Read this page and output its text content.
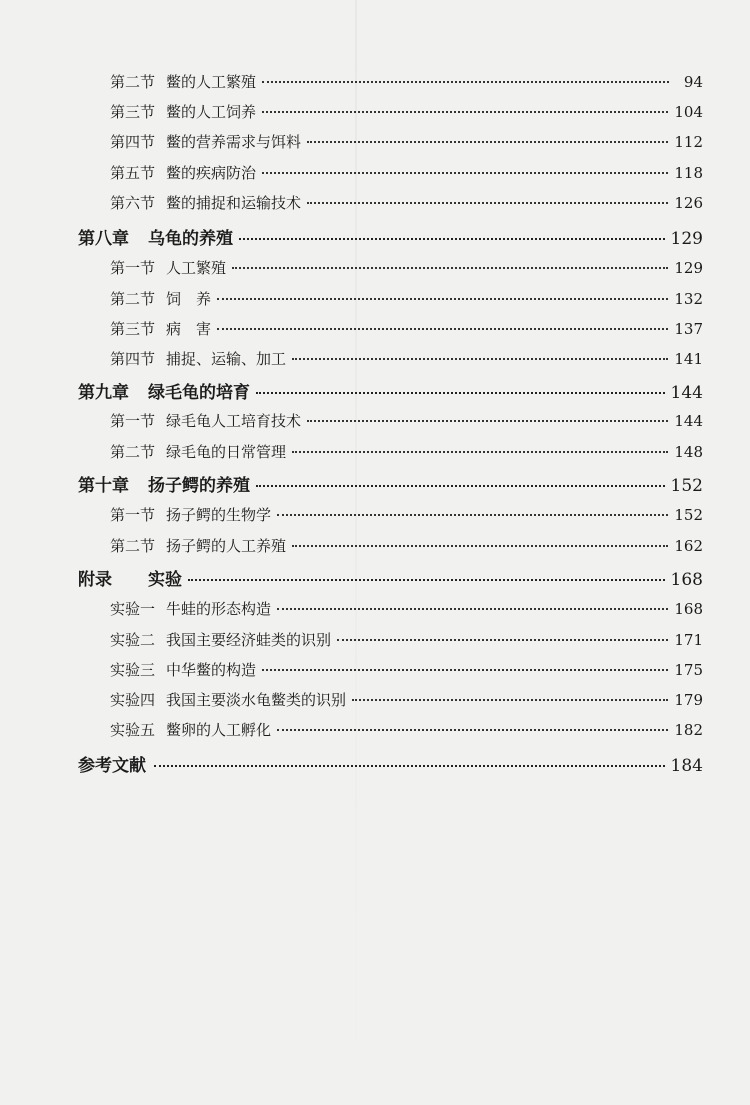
第二节 鳖的人工繁殖	94
第三节 鳖的人工饲养	104
第四节 鳖的营养需求与饵料	112
第五节 鳖的疾病防治	118
第六节 鳖的捕捉和运输技术	126
第八章	乌龟的养殖	129
第一节 人工繁殖	129
第二节 饲　养	132
第三节 病　害	137
第四节 捕捉、运输、加工	141
第九章	绿毛龟的培育	144
第一节 绿毛龟人工培育技术	144
第二节 绿毛龟的日常管理	148
第十章	扬子鳄的养殖	152
第一节 扬子鳄的生物学	152
第二节 扬子鳄的人工养殖	162
附录	实验	168
实验一 牛蛙的形态构造	168
实验二 我国主要经济蛙类的识别	171
实验三 中华鳖的构造	175
实验四 我国主要淡水龟鳖类的识别	179
实验五 鳖卵的人工孵化	182
参考文献	184
